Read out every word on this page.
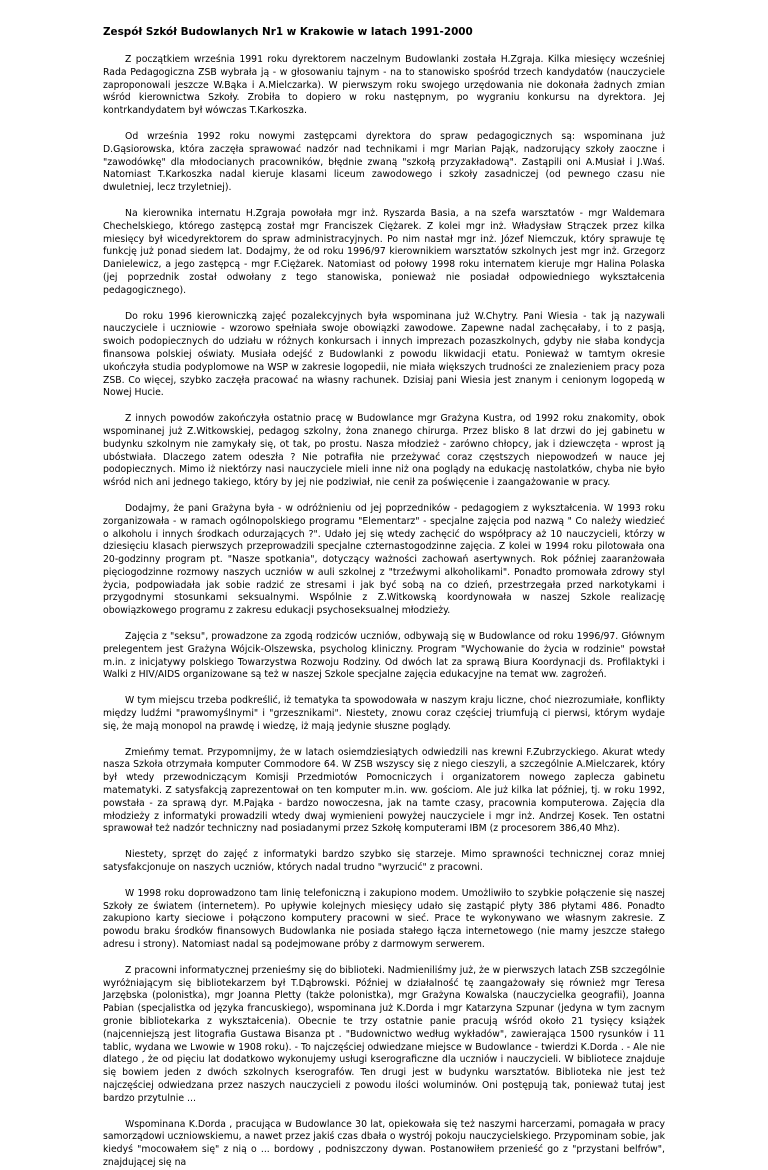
Zespół Szkół Budowlanych Nr1 w Krakowie w latach 1991-2000

Z początkiem września 1991 roku dyrektorem naczelnym Budowlanki została H.Zgraja. Kilka miesięcy wcześniej Rada Pedagogiczna ZSB wybrała ją - w głosowaniu tajnym - na to stanowisko spośród trzech kandydatów (nauczyciele zaproponowali jeszcze W.Bąka i A.Mielczarka). W pierwszym roku swojego urzędowania nie dokonała żadnych zmian wśród kierownictwa Szkoły. Zrobiła to dopiero w roku następnym, po wygraniu konkursu na dyrektora. Jej kontrkandydatem był wówczas T.Karkoszka.

Od września 1992 roku nowymi zastępcami dyrektora do spraw pedagogicznych są: wspominana już D.Gąsiorowska, która zaczęła sprawować nadzór nad technikami i mgr Marian Pająk, nadzorujący szkoły zaoczne i "zawodówkę" dla młodocianych pracowników, błędnie zwaną "szkołą przyzakładową". Zastąpili oni A.Musiał i J.Waś. Natomiast T.Karkoszka nadal kieruje klasami liceum zawodowego i szkoły zasadniczej (od pewnego czasu nie dwuletniej, lecz trzyletniej).

Na kierownika internatu H.Zgraja powołała mgr inż. Ryszarda Basia, a na szefa warsztatów - mgr Waldemara Chechelskiego, którego zastępcą został mgr Franciszek Ciężarek. Z kolei mgr inż. Władysław Strączek przez kilka miesięcy był wicedyrektorem do spraw administracyjnych. Po nim nastał mgr inż. Józef Niemczuk, który sprawuje tę funkcję już ponad siedem lat. Dodajmy, że od roku 1996/97 kierownikiem warsztatów szkolnych jest mgr inż. Grzegorz Danielewicz, a jego zastępcą - mgr F.Ciężarek. Natomiast od połowy 1998 roku internatem kieruje mgr Halina Polaska (jej poprzednik został odwołany z tego stanowiska, ponieważ nie posiadał odpowiedniego wykształcenia pedagogicznego).

Do roku 1996 kierowniczką zajęć pozalekcyjnych była wspominana już W.Chytry. Pani Wiesia - tak ją nazywali nauczyciele i uczniowie - wzorowo spełniała swoje obowiązki zawodowe. Zapewne nadal zachęcałaby, i to z pasją, swoich podopiecznych do udziału w różnych konkursach i innych imprezach pozaszkolnych, gdyby nie słaba kondycja finansowa polskiej oświaty. Musiała odejść z Budowlanki z powodu likwidacji etatu. Ponieważ w tamtym okresie ukończyła studia podyplomowe na WSP w zakresie logopedii, nie miała większych trudności ze znalezieniem pracy poza ZSB. Co więcej, szybko zaczęła pracować na własny rachunek. Dzisiaj pani Wiesia jest znanym i cenionym logopedą w Nowej Hucie.

Z innych powodów zakończyła ostatnio pracę w Budowlance mgr Grażyna Kustra, od 1992 roku znakomity, obok wspominanej już Z.Witkowskiej, pedagog szkolny, żona znanego chirurga. Przez blisko 8 lat drzwi do jej gabinetu w budynku szkolnym nie zamykały się, ot tak, po prostu. Nasza młodzież - zarówno chłopcy, jak i dziewczęta - wprost ją ubóstwiała. Dlaczego zatem odeszła ? Nie potrafiła nie przeżywać coraz częstszych niepowodzeń w nauce jej podopiecznych. Mimo iż niektórzy nasi nauczyciele mieli inne niż ona poglądy na edukację nastolatków, chyba nie było wśród nich ani jednego takiego, który by jej nie podziwiał, nie cenił za poświęcenie i zaangażowanie w pracy.

Dodajmy, że pani Grażyna była - w odróżnieniu od jej poprzedników - pedagogiem z wykształcenia. W 1993 roku zorganizowała - w ramach ogólnopolskiego programu "Elementarz" - specjalne zajęcia pod nazwą " Co należy wiedzieć o alkoholu i innych środkach odurzających ?". Udało jej się wtedy zachęcić do współpracy aż 10 nauczycieli, którzy w dziesięciu klasach pierwszych przeprowadzili specjalne czternastogodzinne zajęcia. Z kolei w 1994 roku pilotowała ona 20-godzinny program pt. "Nasze spotkania", dotyczący ważności zachowań asertywnych. Rok później zaaranżowała pięciogodzinne rozmowy naszych uczniów w auli szkolnej z "trzeźwymi alkoholikami". Ponadto promowała zdrowy styl życia, podpowiadała jak sobie radzić ze stresami i jak być sobą na co dzień, przestrzegała przed narkotykami i przygodnymi stosunkami seksualnymi. Wspólnie z Z.Witkowską koordynowała w naszej Szkole realizację obowiązkowego programu z zakresu edukacji psychoseksualnej młodzieży.

Zajęcia z "seksu", prowadzone za zgodą rodziców uczniów, odbywają się w Budowlance od roku 1996/97. Głównym prelegentem jest Grażyna Wójcik-Olszewska, psycholog kliniczny. Program "Wychowanie do życia w rodzinie" powstał m.in. z inicjatywy polskiego Towarzystwa Rozwoju Rodziny. Od dwóch lat za sprawą Biura Koordynacji ds. Profilaktyki i Walki z HIV/AIDS organizowane są też w naszej Szkole specjalne zajęcia edukacyjne na temat ww. zagrożeń.

W tym miejscu trzeba podkreślić, iż tematyka ta spowodowała w naszym kraju liczne, choć niezrozumiałe, konflikty między ludźmi "prawomyślnymi" i "grzesznikami". Niestety, znowu coraz częściej triumfują ci pierwsi, którym wydaje się, że mają monopol na prawdę i wiedzę, iż mają jedynie słuszne poglądy.

Zmieńmy temat. Przypomnijmy, że w latach osiemdziesiątych odwiedzili nas krewni F.Zubrzyckiego. Akurat wtedy nasza Szkoła otrzymała komputer Commodore 64. W ZSB wszyscy się z niego cieszyli, a szczególnie A.Mielczarek, który był wtedy przewodniczącym Komisji Przedmiotów Pomocniczych i organizatorem nowego zaplecza gabinetu matematyki. Z satysfakcją zaprezentował on ten komputer m.in. ww. gościom. Ale już kilka lat później, tj. w roku 1992, powstała - za sprawą dyr. M.Pająka - bardzo nowoczesna, jak na tamte czasy, pracownia komputerowa. Zajęcia dla młodzieży z informatyki prowadzili wtedy dwaj wymienieni powyżej nauczyciele i mgr inż. Andrzej Kosek. Ten ostatni sprawował też nadzór techniczny nad posiadanymi przez Szkołę komputerami IBM (z procesorem 386,40 Mhz).

Niestety, sprzęt do zajęć z informatyki bardzo szybko się starzeje. Mimo sprawności technicznej coraz mniej satysfakcjonuje on naszych uczniów, których nadal trudno "wyrzucić" z pracowni.

W 1998 roku doprowadzono tam linię telefoniczną i zakupiono modem. Umożliwiło to szybkie połączenie się naszej Szkoły ze światem (internetem). Po upływie kolejnych miesięcy udało się zastąpić płyty 386 płytami 486. Ponadto zakupiono karty sieciowe i połączono komputery pracowni w sieć. Prace te wykonywano we własnym zakresie. Z powodu braku środków finansowych Budowlanka nie posiada stałego łącza internetowego (nie mamy jeszcze stałego adresu i strony). Natomiast nadal są podejmowane próby z darmowym serwerem.

Z pracowni informatycznej przenieśmy się do biblioteki. Nadmieniliśmy już, że w pierwszych latach ZSB szczególnie wyróżniającym się bibliotekarzem był T.Dąbrowski. Później w działalność tę zaangażowały się również mgr Teresa Jarzębska (polonistka), mgr Joanna Pletty (także polonistka), mgr Grażyna Kowalska (nauczycielka geografii), Joanna Pabian (specjalistka od języka francuskiego), wspominana już K.Dorda i mgr Katarzyna Szpunar (jedyna w tym zacnym gronie bibliotekarka z wykształcenia). Obecnie te trzy ostatnie panie pracują wśród około 21 tysięcy książek (najcenniejszą jest litografia Gustawa Bisanza pt . "Budownictwo według wykładów", zawierająca 1500 rysunków i 11 tablic, wydana we Lwowie w 1908 roku). - To najczęściej odwiedzane miejsce w Budowlance - twierdzi K.Dorda . - Ale nie dlatego , że od pięciu lat dodatkowo wykonujemy usługi kserograficzne dla uczniów i nauczycieli. W bibliotece znajduje się bowiem jeden z dwóch szkolnych kserografów. Ten drugi jest w budynku warsztatów. Biblioteka nie jest też najczęściej odwiedzana przez naszych nauczycieli z powodu ilości woluminów. Oni postępują tak, ponieważ tutaj jest bardzo przytulnie ...

Wspominana K.Dorda , pracująca w Budowlance 30 lat, opiekowała się też naszymi harcerzami, pomagała w pracy samorządowi uczniowskiemu, a nawet przez jakiś czas dbała o wystrój pokoju nauczycielskiego. Przypominam sobie, jak kiedyś "mocowałem się" z nią o ... bordowy , podniszczony dywan. Postanowiłem przenieść go z "przystani belfrów", znajdującej się na
